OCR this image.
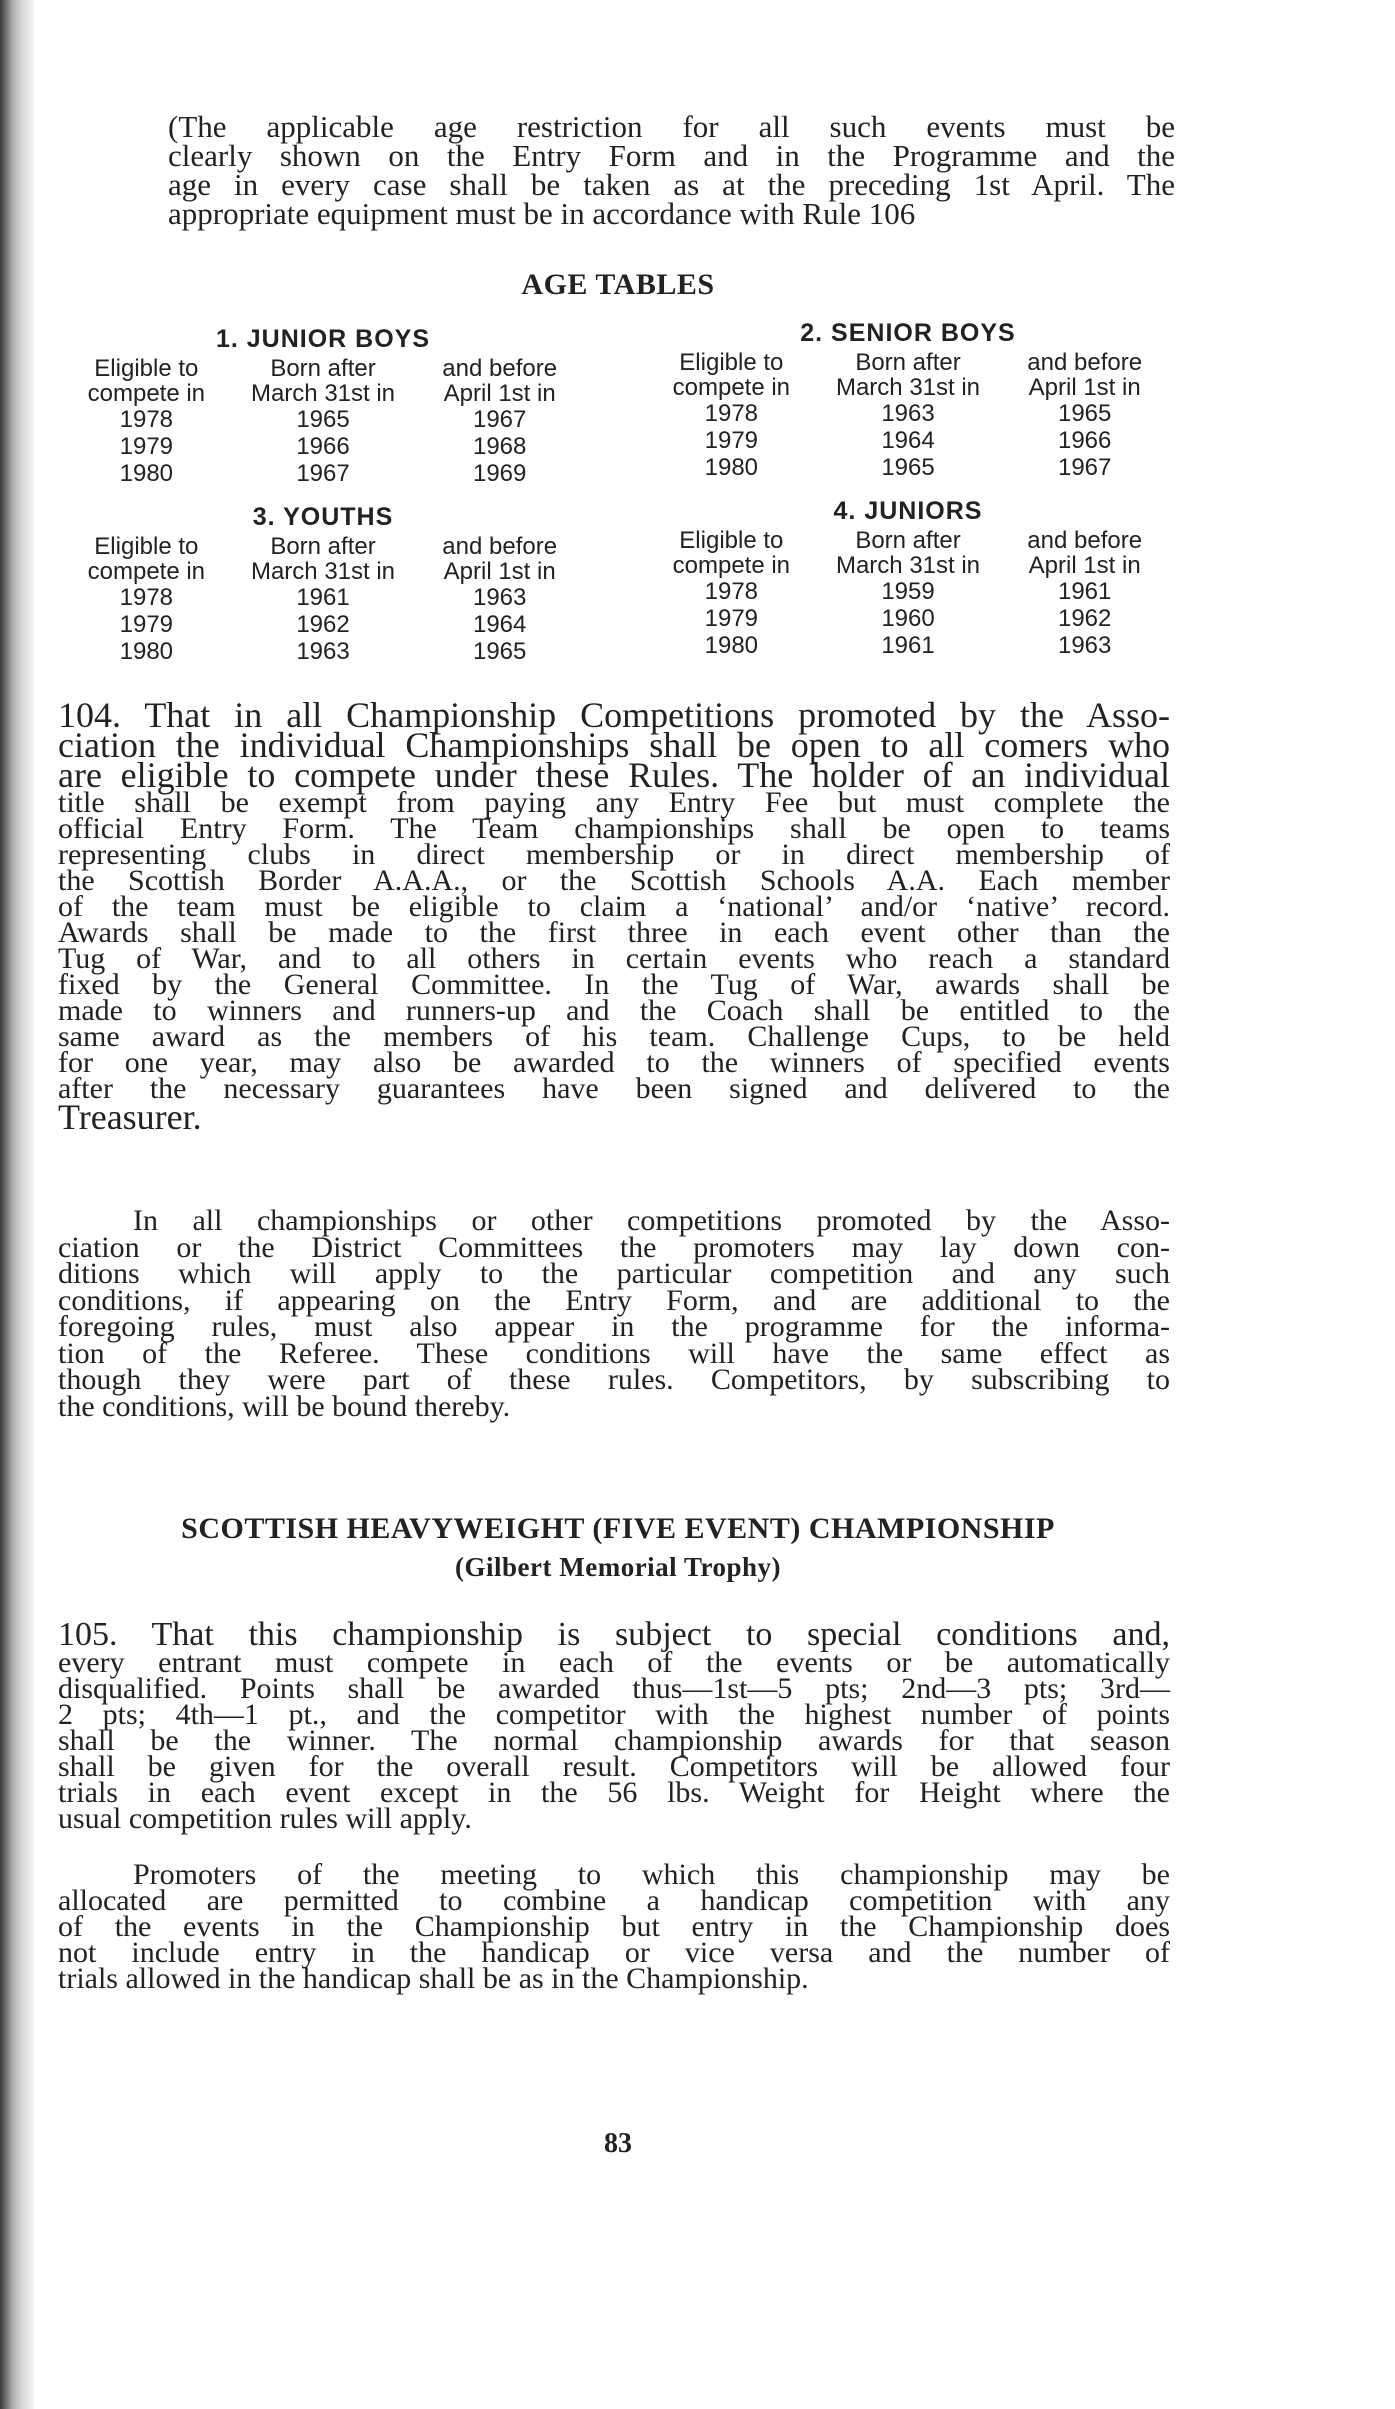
(The applicable age restriction for all such events must be
clearly shown on the Entry Form and in the Programme and the
age in every case shall be taken as at the preceding 1st April. The
appropriate equipment must be in accordance with Rule 106
AGE TABLES
1. JUNIOR BOYS
Eligible to	Born after	and before
compete in	March 31st in	April 1st in
1978	1965	1967
1979	1966	1968
1980	1967	1969
2. SENIOR BOYS
Eligible to	Born after	and before
compete in	March 31st in	April 1st in
1978	1963	1965
1979	1964	1966
1980	1965	1967
3. YOUTHS
Eligible to	Born after	and before
compete in	March 31st in	April 1st in
1978	1961	1963
1979	1962	1964
1980	1963	1965
4. JUNIORS
Eligible to	Born after	and before
compete in	March 31st in	April 1st in
1978	1959	1961
1979	1960	1962
1980	1961	1963
104. That in all Championship Competitions promoted by the Asso-
ciation the individual Championships shall be open to all comers who
are eligible to compete under these Rules. The holder of an individual
title shall be exempt from paying any Entry Fee but must complete the
official Entry Form. The Team championships shall be open to teams
representing clubs in direct membership or in direct membership of
the Scottish Border A.A.A., or the Scottish Schools A.A. Each member
of the team must be eligible to claim a ‘national’ and/or ‘native’ record.
Awards shall be made to the first three in each event other than the
Tug of War, and to all others in certain events who reach a standard
fixed by the General Committee. In the Tug of War, awards shall be
made to winners and runners-up and the Coach shall be entitled to the
same award as the members of his team. Challenge Cups, to be held
for one year, may also be awarded to the winners of specified events
after the necessary guarantees have been signed and delivered to the
Treasurer.
In all championships or other competitions promoted by the Asso-
ciation or the District Committees the promoters may lay down con-
ditions which will apply to the particular competition and any such
conditions, if appearing on the Entry Form, and are additional to the
foregoing rules, must also appear in the programme for the informa-
tion of the Referee. These conditions will have the same effect as
though they were part of these rules. Competitors, by subscribing to
the conditions, will be bound thereby.
SCOTTISH HEAVYWEIGHT (FIVE EVENT) CHAMPIONSHIP
(Gilbert Memorial Trophy)
105. That this championship is subject to special conditions and,
every entrant must compete in each of the events or be automatically
disqualified. Points shall be awarded thus—1st—5 pts; 2nd—3 pts; 3rd—
2 pts; 4th—1 pt., and the competitor with the highest number of points
shall be the winner. The normal championship awards for that season
shall be given for the overall result. Competitors will be allowed four
trials in each event except in the 56 lbs. Weight for Height where the
usual competition rules will apply.
Promoters of the meeting to which this championship may be
allocated are permitted to combine a handicap competition with any
of the events in the Championship but entry in the Championship does
not include entry in the handicap or vice versa and the number of
trials allowed in the handicap shall be as in the Championship.
83
